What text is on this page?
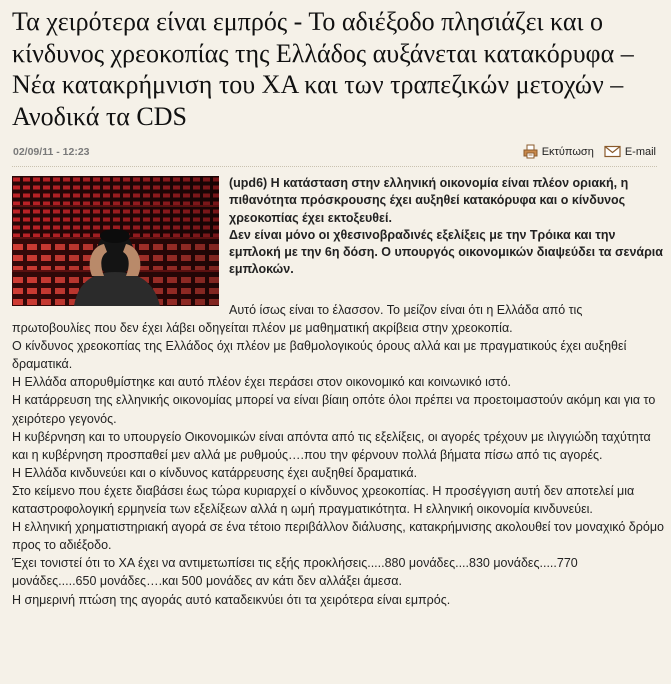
Τα χειρότερα είναι εμπρός - Το αδιέξοδο πλησιάζει και ο κίνδυνος χρεοκοπίας της Ελλάδος αυξάνεται κατακόρυφα – Νέα κατακρήμνιση του ΧΑ και των τραπεζικών μετοχών – Ανοδικά τα CDS
02/09/11 - 12:23	Εκτύπωση	E-mail
(upd6) Η κατάσταση στην ελληνική οικονομία είναι πλέον οριακή, η πιθανότητα πρόσκρουσης έχει αυξηθεί κατακόρυφα και ο κίνδυνος χρεοκοπίας έχει εκτοξευθεί.
Δεν είναι μόνο οι χθεσινοβραδινές εξελίξεις με την Τρόικα και την εμπλοκή με την 6η δόση. Ο υπουργός οικονομικών διαψεύδει τα σενάρια εμπλοκών.

Αυτό ίσως είναι το έλασσον. Το μείζον είναι ότι η Ελλάδα από τις πρωτοβουλίες που δεν έχει λάβει οδηγείται πλέον με μαθηματική ακρίβεια στην χρεοκοπία.

Ο κίνδυνος χρεοκοπίας της Ελλάδος όχι πλέον με βαθμολογικούς όρους αλλά και με πραγματικούς έχει αυξηθεί δραματικά.

Η Ελλάδα απορυθμίστηκε και αυτό πλέον έχει περάσει στον οικονομικό και κοινωνικό ιστό.

Η κατάρρευση της ελληνικής οικονομίας μπορεί να είναι βίαιη οπότε όλοι πρέπει να προετοιμαστούν ακόμη και για το χειρότερο γεγονός.

Η κυβέρνηση και το υπουργείο Οικονομικών είναι απόντα από τις εξελίξεις, οι αγορές τρέχουν με ιλιγγιώδη ταχύτητα και η κυβέρνηση προσπαθεί μεν αλλά με ρυθμούς….που την φέρνουν πολλά βήματα πίσω από τις αγορές.

Η Ελλάδα κινδυνεύει και ο κίνδυνος κατάρρευσης έχει αυξηθεί δραματικά.

Στο κείμενο που έχετε διαβάσει έως τώρα κυριαρχεί ο κίνδυνος χρεοκοπίας. Η προσέγγιση αυτή δεν αποτελεί μια καταστροφολογική ερμηνεία των εξελίξεων αλλά η ωμή πραγματικότητα. Η ελληνική οικονομία κινδυνεύει.

Η ελληνική χρηματιστηριακή αγορά σε ένα τέτοιο περιβάλλον διάλυσης, κατακρήμνισης ακολουθεί τον μοναχικό δρόμο προς το αδιέξοδο.

Έχει τονιστεί ότι το ΧΑ έχει να αντιμετωπίσει τις εξής προκλήσεις.....880 μονάδες....830 μονάδες.....770 μονάδες.....650 μονάδες….και 500 μονάδες αν κάτι δεν αλλάξει άμεσα.

Η σημερινή πτώση της αγοράς αυτό καταδεικνύει ότι τα χειρότερα είναι εμπρός.
